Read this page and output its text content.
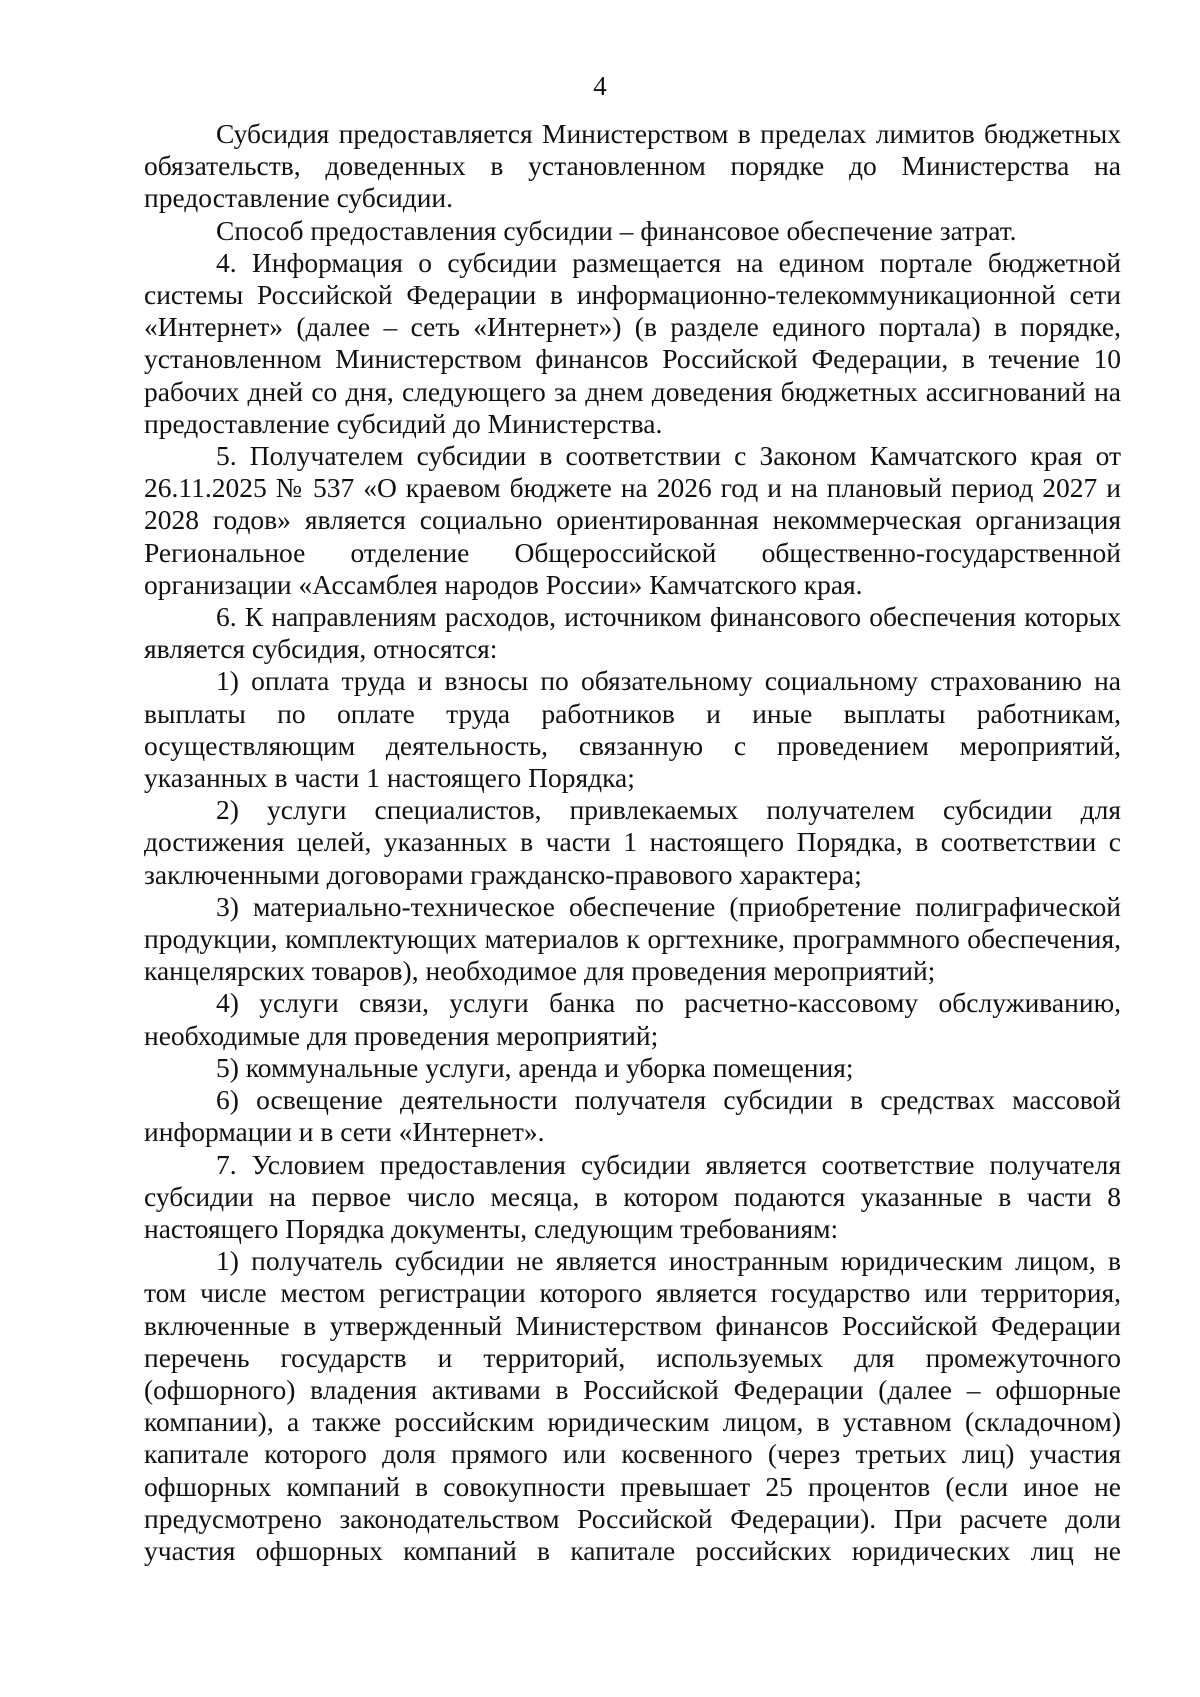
4

Субсидия предоставляется Министерством в пределах лимитов бюджетных обязательств, доведенных в установленном порядке до Министерства на предоставление субсидии.

Способ предоставления субсидии – финансовое обеспечение затрат.

4. Информация о субсидии размещается на едином портале бюджетной системы Российской Федерации в информационно-телекоммуникационной сети «Интернет» (далее – сеть «Интернет») (в разделе единого портала) в порядке, установленном Министерством финансов Российской Федерации, в течение 10 рабочих дней со дня, следующего за днем доведения бюджетных ассигнований на предоставление субсидий до Министерства.

5. Получателем субсидии в соответствии с Законом Камчатского края от 26.11.2025 № 537 «О краевом бюджете на 2026 год и на плановый период 2027 и 2028 годов» является социально ориентированная некоммерческая организация Региональное отделение Общероссийской общественно-государственной организации «Ассамблея народов России» Камчатского края.

6. К направлениям расходов, источником финансового обеспечения которых является субсидия, относятся:

1) оплата труда и взносы по обязательному социальному страхованию на выплаты по оплате труда работников и иные выплаты работникам, осуществляющим деятельность, связанную с проведением мероприятий, указанных в части 1 настоящего Порядка;

2) услуги специалистов, привлекаемых получателем субсидии для достижения целей, указанных в части 1 настоящего Порядка, в соответствии с заключенными договорами гражданско-правового характера;

3) материально-техническое обеспечение (приобретение полиграфической продукции, комплектующих материалов к оргтехнике, программного обеспечения, канцелярских товаров), необходимое для проведения мероприятий;

4) услуги связи, услуги банка по расчетно-кассовому обслуживанию, необходимые для проведения мероприятий;

5) коммунальные услуги, аренда и уборка помещения;

6) освещение деятельности получателя субсидии в средствах массовой информации и в сети «Интернет».

7. Условием предоставления субсидии является соответствие получателя субсидии на первое число месяца, в котором подаются указанные в части 8 настоящего Порядка документы, следующим требованиям:

1) получатель субсидии не является иностранным юридическим лицом, в том числе местом регистрации которого является государство или территория, включенные в утвержденный Министерством финансов Российской Федерации перечень государств и территорий, используемых для промежуточного (офшорного) владения активами в Российской Федерации (далее – офшорные компании), а также российским юридическим лицом, в уставном (складочном) капитале которого доля прямого или косвенного (через третьих лиц) участия офшорных компаний в совокупности превышает 25 процентов (если иное не предусмотрено законодательством Российской Федерации). При расчете доли участия офшорных компаний в капитале российских юридических лиц не
